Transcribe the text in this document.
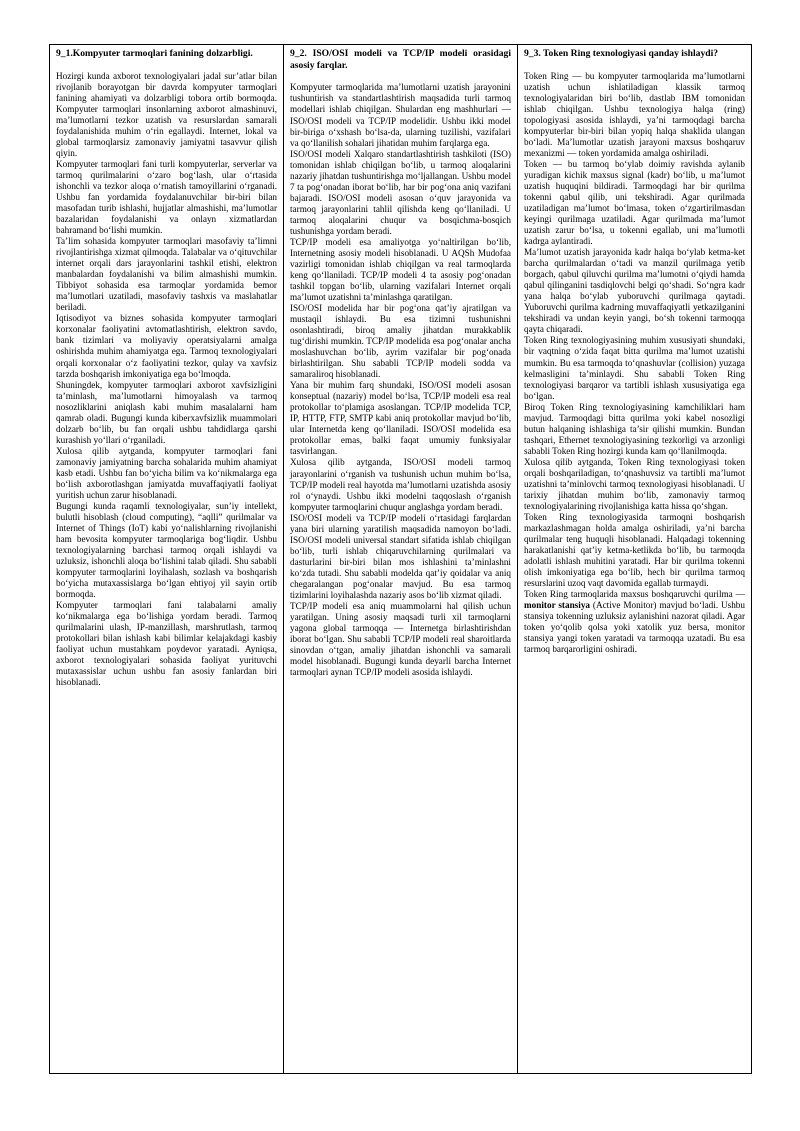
9_1.Kompyuter tarmoqlari fanining dolzarbligi.

Hozirgi kunda axborot texnologiyalari jadal sur’atlar bilan rivojlanib borayotgan bir davrda kompyuter tarmoqlari fanining ahamiyati va dolzarbligi tobora ortib bormoqda. Kompyuter tarmoqlari insonlarning axborot almashinuvi, ma’lumotlarni tezkor uzatish va resurslardan samarali foydalanishida muhim o‘rin egallaydi. Internet, lokal va global tarmoqlarsiz zamonaviy jamiyatni tasavvur qilish qiyin.

Kompyuter tarmoqlari fani turli kompyuterlar, serverlar va tarmoq qurilmalarini o‘zaro bog‘lash, ular o‘rtasida ishonchli va tezkor aloqa o‘rnatish tamoyillarini o‘rganadi. Ushbu fan yordamida foydalanuvchilar bir-biri bilan masofadan turib ishlashi, hujjatlar almashishi, ma’lumotlar bazalaridan foydalanishi va onlayn xizmatlardan bahramand bo‘lishi mumkin.

Ta’lim sohasida kompyuter tarmoqlari masofaviy ta’limni rivojlantirishga xizmat qilmoqda. Talabalar va o‘qituvchilar internet orqali dars jarayonlarini tashkil etishi, elektron manbalardan foydalanishi va bilim almashishi mumkin. Tibbiyot sohasida esa tarmoqlar yordamida bemor ma’lumotlari uzatiladi, masofaviy tashxis va maslahatlar beriladi.

Iqtisodiyot va biznes sohasida kompyuter tarmoqlari korxonalar faoliyatini avtomatlashtirish, elektron savdo, bank tizimlari va moliyaviy operatsiyalarni amalga oshirishda muhim ahamiyatga ega. Tarmoq texnologiyalari orqali korxonalar o‘z faoliyatini tezkor, qulay va xavfsiz tarzda boshqarish imkoniyatiga ega bo‘lmoqda.

Shuningdek, kompyuter tarmoqlari axborot xavfsizligini ta’minlash, ma’lumotlarni himoyalash va tarmoq nosozliklarini aniqlash kabi muhim masalalarni ham qamrab oladi. Bugungi kunda kiberxavfsizlik muammolari dolzarb bo‘lib, bu fan orqali ushbu tahdidlarga qarshi kurashish yo‘llari o‘rganiladi.

Xulosa qilib aytganda, kompyuter tarmoqlari fani zamonaviy jamiyatning barcha sohalarida muhim ahamiyat kasb etadi. Ushbu fan bo‘yicha bilim va ko‘nikmalarga ega bo‘lish axborotlashgan jamiyatda muvaffaqiyatli faoliyat yuritish uchun zarur hisoblanadi.

Bugungi kunda raqamli texnologiyalar, sun’iy intellekt, bulutli hisoblash (cloud computing), “aqlli” qurilmalar va Internet of Things (IoT) kabi yo‘nalishlarning rivojlanishi ham bevosita kompyuter tarmoqlariga bog‘liqdir. Ushbu texnologiyalarning barchasi tarmoq orqali ishlaydi va uzluksiz, ishonchli aloqa bo‘lishini talab qiladi. Shu sababli kompyuter tarmoqlarini loyihalash, sozlash va boshqarish bo‘yicha mutaxassislarga bo‘lgan ehtiyoj yil sayin ortib bormoqda.

Kompyuter tarmoqlari fani talabalarni amaliy ko‘nikmalarga ega bo‘lishiga yordam beradi. Tarmoq qurilmalarini ulash, IP-manzillash, marshrutlash, tarmoq protokollari bilan ishlash kabi bilimlar kelajakdagi kasbiy faoliyat uchun mustahkam poydevor yaratadi. Ayniqsa, axborot texnologiyalari sohasida faoliyat yurituvchi mutaxassislar uchun ushbu fan asosiy fanlardan biri hisoblanadi.

9_2. ISO/OSI modeli va TCP/IP modeli orasidagi asosiy farqlar.

Kompyuter tarmoqlarida ma’lumotlarni uzatish jarayonini tushuntirish va standartlashtirish maqsadida turli tarmoq modellari ishlab chiqilgan. Shulardan eng mashhurlari — ISO/OSI modeli va TCP/IP modelidir. Ushbu ikki model bir-biriga o‘xshash bo‘lsa-da, ularning tuzilishi, vazifalari va qo‘llanilish sohalari jihatidan muhim farqlarga ega.

ISO/OSI modeli Xalqaro standartlashtirish tashkiloti (ISO) tomonidan ishlab chiqilgan bo‘lib, u tarmoq aloqalarini nazariy jihatdan tushuntirishga mo‘ljallangan. Ushbu model 7 ta pog‘onadan iborat bo‘lib, har bir pog‘ona aniq vazifani bajaradi. ISO/OSI modeli asosan o‘quv jarayonida va tarmoq jarayonlarini tahlil qilishda keng qo‘llaniladi. U tarmoq aloqalarini chuqur va bosqichma-bosqich tushunishga yordam beradi.

TCP/IP modeli esa amaliyotga yo‘naltirilgan bo‘lib, Internetning asosiy modeli hisoblanadi. U AQSh Mudofaa vazirligi tomonidan ishlab chiqilgan va real tarmoqlarda keng qo‘llaniladi. TCP/IP modeli 4 ta asosiy pog‘onadan tashkil topgan bo‘lib, ularning vazifalari Internet orqali ma’lumot uzatishni ta’minlashga qaratilgan.

ISO/OSI modelida har bir pog‘ona qat’iy ajratilgan va mustaqil ishlaydi. Bu esa tizimni tushunishni osonlashtiradi, biroq amaliy jihatdan murakkablik tug‘dirishi mumkin. TCP/IP modelida esa pog‘onalar ancha moslashuvchan bo‘lib, ayrim vazifalar bir pog‘onada birlashtirilgan. Shu sababli TCP/IP modeli sodda va samaraliroq hisoblanadi.

Yana bir muhim farq shundaki, ISO/OSI modeli asosan konseptual (nazariy) model bo‘lsa, TCP/IP modeli esa real protokollar to‘plamiga asoslangan. TCP/IP modelida TCP, IP, HTTP, FTP, SMTP kabi aniq protokollar mavjud bo‘lib, ular Internetda keng qo‘llaniladi. ISO/OSI modelida esa protokollar emas, balki faqat umumiy funksiyalar tasvirlangan.

Xulosa qilib aytganda, ISO/OSI modeli tarmoq jarayonlarini o‘rganish va tushunish uchun muhim bo‘lsa, TCP/IP modeli real hayotda ma’lumotlarni uzatishda asosiy rol o‘ynaydi. Ushbu ikki modelni taqqoslash o‘rganish kompyuter tarmoqlarini chuqur anglashga yordam beradi.

ISO/OSI modeli va TCP/IP modeli o‘rtasidagi farqlardan yana biri ularning yaratilish maqsadida namoyon bo‘ladi. ISO/OSI modeli universal standart sifatida ishlab chiqilgan bo‘lib, turli ishlab chiqaruvchilarning qurilmalari va dasturlarini bir-biri bilan mos ishlashini ta’minlashni ko‘zda tutadi. Shu sababli modelda qat’iy qoidalar va aniq chegaralangan pog‘onalar mavjud. Bu esa tarmoq tizimlarini loyihalashda nazariy asos bo‘lib xizmat qiladi.

TCP/IP modeli esa aniq muammolarni hal qilish uchun yaratilgan. Uning asosiy maqsadi turli xil tarmoqlarni yagona global tarmoqqa — Internetga birlashtirishdan iborat bo‘lgan. Shu sababli TCP/IP modeli real sharoitlarda sinovdan o‘tgan, amaliy jihatdan ishonchli va samarali model hisoblanadi. Bugungi kunda deyarli barcha Internet tarmoqlari aynan TCP/IP modeli asosida ishlaydi.

9_3. Token Ring texnologiyasi qanday ishlaydi?

Token Ring — bu kompyuter tarmoqlarida ma’lumotlarni uzatish uchun ishlatiladigan klassik tarmoq texnologiyalaridan biri bo‘lib, dastlab IBM tomonidan ishlab chiqilgan. Ushbu texnologiya halqa (ring) topologiyasi asosida ishlaydi, ya’ni tarmoqdagi barcha kompyuterlar bir-biri bilan yopiq halqa shaklida ulangan bo‘ladi. Ma’lumotlar uzatish jarayoni maxsus boshqaruv mexanizmi — token yordamida amalga oshiriladi.

Token — bu tarmoq bo‘ylab doimiy ravishda aylanib yuradigan kichik maxsus signal (kadr) bo‘lib, u ma’lumot uzatish huquqini bildiradi. Tarmoqdagi har bir qurilma tokenni qabul qilib, uni tekshiradi. Agar qurilmada uzatiladigan ma’lumot bo‘lmasa, token o‘zgartirilmasdan keyingi qurilmaga uzatiladi. Agar qurilmada ma’lumot uzatish zarur bo‘lsa, u tokenni egallab, uni ma’lumotli kadrga aylantiradi.

Ma’lumot uzatish jarayonida kadr halqa bo‘ylab ketma-ket barcha qurilmalardan o‘tadi va manzil qurilmaga yetib borgach, qabul qiluvchi qurilma ma’lumotni o‘qiydi hamda qabul qilinganini tasdiqlovchi belgi qo‘shadi. So‘ngra kadr yana halqa bo‘ylab yuboruvchi qurilmaga qaytadi. Yuboruvchi qurilma kadrning muvaffaqiyatli yetkazilganini tekshiradi va undan keyin yangi, bo‘sh tokenni tarmoqqa qayta chiqaradi.

Token Ring texnologiyasining muhim xususiyati shundaki, bir vaqtning o‘zida faqat bitta qurilma ma’lumot uzatishi mumkin. Bu esa tarmoqda to‘qnashuvlar (collision) yuzaga kelmasligini ta’minlaydi. Shu sababli Token Ring texnologiyasi barqaror va tartibli ishlash xususiyatiga ega bo‘lgan.

Biroq Token Ring texnologiyasining kamchiliklari ham mavjud. Tarmoqdagi bitta qurilma yoki kabel nosozligi butun halqaning ishlashiga ta’sir qilishi mumkin. Bundan tashqari, Ethernet texnologiyasining tezkorligi va arzonligi sababli Token Ring hozirgi kunda kam qo‘llanilmoqda.

Xulosa qilib aytganda, Token Ring texnologiyasi token orqali boshqariladigan, to‘qnashuvsiz va tartibli ma’lumot uzatishni ta’minlovchi tarmoq texnologiyasi hisoblanadi. U tarixiy jihatdan muhim bo‘lib, zamonaviy tarmoq texnologiyalarining rivojlanishiga katta hissa qo‘shgan.

Token Ring texnologiyasida tarmoqni boshqarish markazlashmagan holda amalga oshiriladi, ya’ni barcha qurilmalar teng huquqli hisoblanadi. Halqadagi tokenning harakatlanishi qat’iy ketma-ketlikda bo‘lib, bu tarmoqda adolatli ishlash muhitini yaratadi. Har bir qurilma tokenni olish imkoniyatiga ega bo‘lib, hech bir qurilma tarmoq resurslarini uzoq vaqt davomida egallab turmaydi.

Token Ring tarmoqlarida maxsus boshqaruvchi qurilma — monitor stansiya (Active Monitor) mavjud bo‘ladi. Ushbu stansiya tokenning uzluksiz aylanishini nazorat qiladi. Agar token yo‘qolib qolsa yoki xatolik yuz bersa, monitor stansiya yangi token yaratadi va tarmoqqa uzatadi. Bu esa tarmoq barqarorligini oshiradi.
